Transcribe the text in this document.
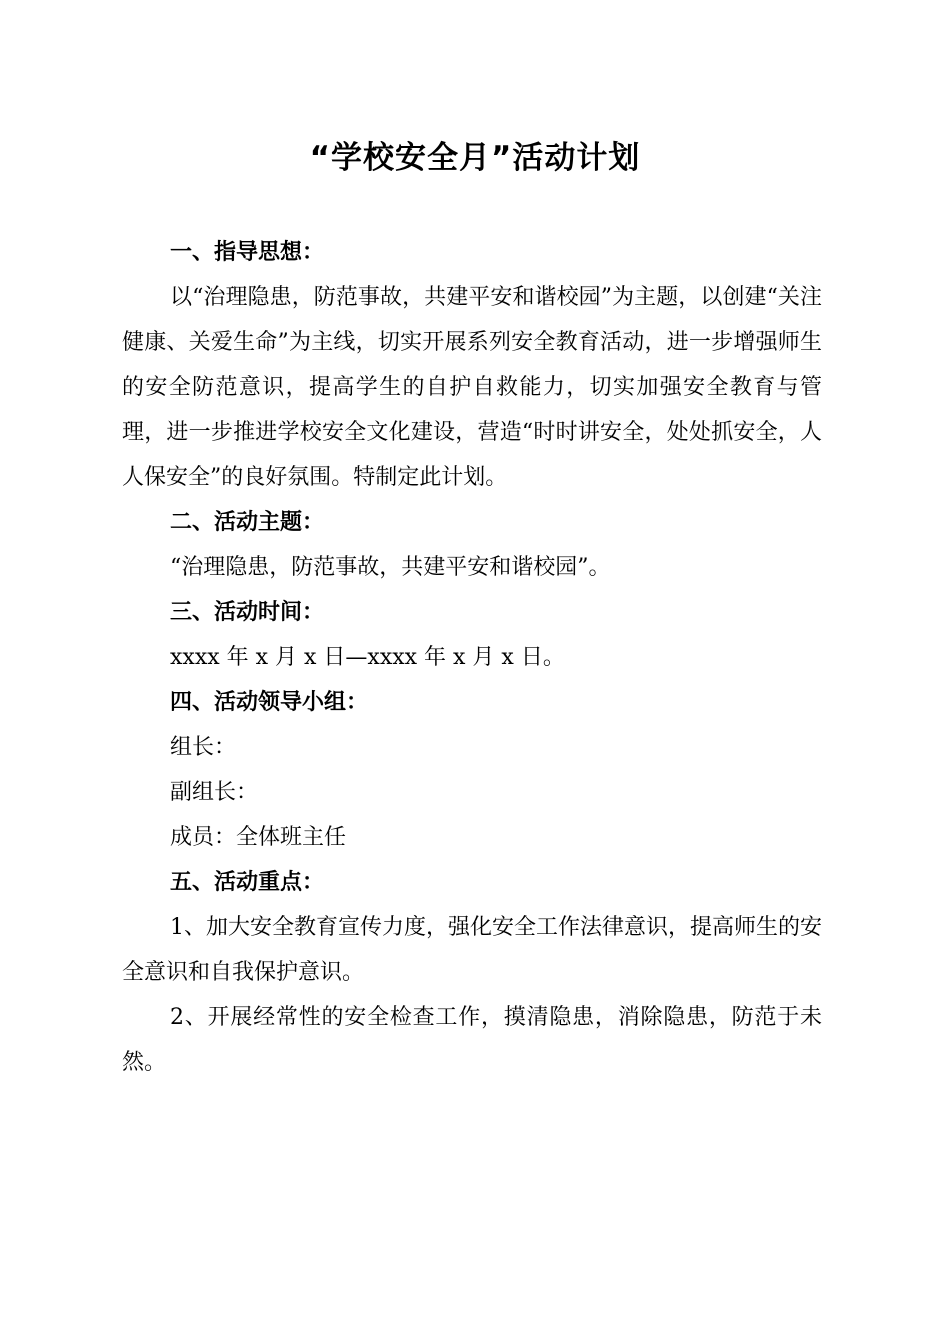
“学校安全月”活动计划

一、指导思想：

以“治理隐患，防范事故，共建平安和谐校园”为主题，以创建“关注健康、关爱生命”为主线，切实开展系列安全教育活动，进一步增强师生的安全防范意识，提高学生的自护自救能力，切实加强安全教育与管理，进一步推进学校安全文化建设，营造“时时讲安全，处处抓安全，人人保安全”的良好氛围。特制定此计划。

二、活动主题：

“治理隐患，防范事故，共建平安和谐校园”。

三、活动时间：

xxxx 年 x 月 x 日—xxxx 年 x 月 x 日。

四、活动领导小组：

组长：

副组长：

成员：全体班主任

五、活动重点：

1、加大安全教育宣传力度，强化安全工作法律意识，提高师生的安全意识和自我保护意识。

2、开展经常性的安全检查工作，摸清隐患，消除隐患，防范于未然。
